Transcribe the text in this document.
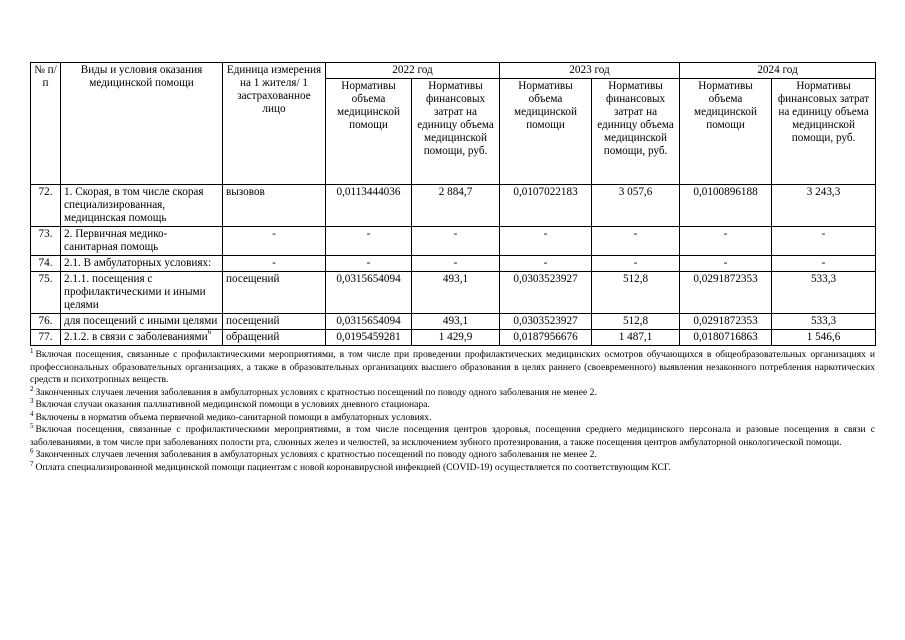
№ п/п	Виды и условия оказания медицинской помощи	Единица измерения на 1 жителя/ 1 застрахованное лицо	2022 год		2023 год		2024 год	
			Нормативы объема медицинской помощи	Нормативы финансовых затрат на единицу объема медицинской помощи, руб.	Нормативы объема медицинской помощи	Нормативы финансовых затрат на единицу объема медицинской помощи, руб.	Нормативы объема медицинской помощи	Нормативы финансовых затрат на единицу объема медицинской помощи, руб.
72.	1. Скорая, в том числе скорая специализированная, медицинская помощь	вызовов	0,0113444036	2 884,7	0,0107022183	3 057,6	0,0100896188	3 243,3
73.	2. Первичная медико-санитарная помощь	-	-	-	-	-	-	-
74.	2.1. В амбулаторных условиях:	-	-	-	-	-	-	-
75.	2.1.1. посещения с профилактическими и иными целями	посещений	0,0315654094	493,1	0,0303523927	512,8	0,0291872353	533,3
76.	для посещений с иными целями	посещений	0,0315654094	493,1	0,0303523927	512,8	0,0291872353	533,3
77.	2.1.2. в связи с заболеваниями$^6$	обращений	0,0195459281	1 429,9	0,0187956676	1 487,1	0,0180716863	1 546,6

$^1$ Включая посещения, связанные с профилактическими мероприятиями, в том числе при проведении профилактических медицинских осмотров обучающихся в общеобразовательных организациях и профессиональных образовательных организациях, а также в образовательных организациях высшего образования в целях раннего (своевременного) выявления незаконного потребления наркотических средств и психотропных веществ.

$^2$ Законченных случаев лечения заболевания в амбулаторных условиях с кратностью посещений по поводу одного заболевания не менее 2.

$^3$ Включая случаи оказания паллиативной медицинской помощи в условиях дневного стационара.

$^4$ Включены в норматив объема первичной медико-санитарной помощи в амбулаторных условиях.

$^5$ Включая посещения, связанные с профилактическими мероприятиями, в том числе посещения центров здоровья, посещения среднего медицинского персонала и разовые посещения в связи с заболеваниями, в том числе при заболеваниях полости рта, слюнных желез и челюстей, за исключением зубного протезирования, а также посещения центров амбулаторной онкологической помощи.

$^6$ Законченных случаев лечения заболевания в амбулаторных условиях с кратностью посещений по поводу одного заболевания не менее 2.

$^7$ Оплата специализированной медицинской помощи пациентам с новой коронавирусной инфекцией (COVID-19) осуществляется по соответствующим КСГ.
